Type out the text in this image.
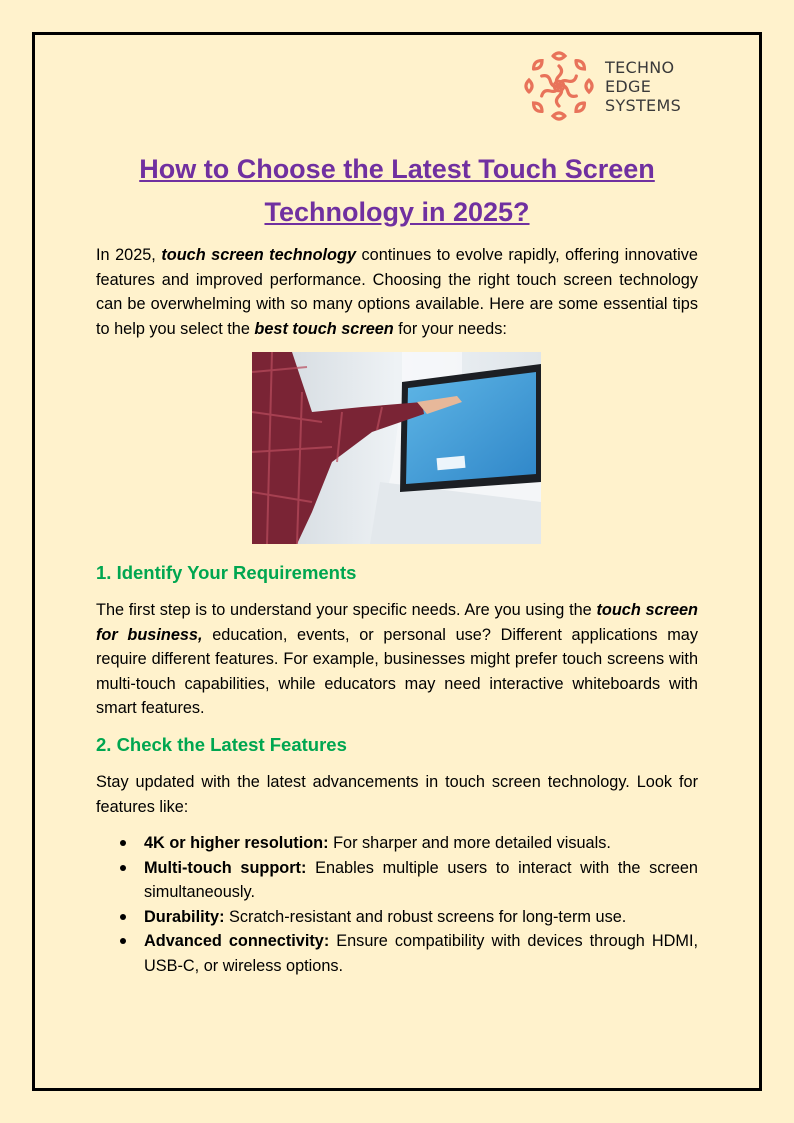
TECHNO
EDGE
SYSTEMS
How to Choose the Latest Touch Screen Technology in 2025?
In 2025, touch screen technology continues to evolve rapidly, offering innovative features and improved performance. Choosing the right touch screen technology can be overwhelming with so many options available. Here are some essential tips to help you select the best touch screen for your needs:
1. Identify Your Requirements
The first step is to understand your specific needs. Are you using the touch screen for business, education, events, or personal use? Different applications may require different features. For example, businesses might prefer touch screens with multi-touch capabilities, while educators may need interactive whiteboards with smart features.
2. Check the Latest Features
Stay updated with the latest advancements in touch screen technology. Look for features like:
4K or higher resolution: For sharper and more detailed visuals.
Multi-touch support: Enables multiple users to interact with the screen simultaneously.
Durability: Scratch-resistant and robust screens for long-term use.
Advanced connectivity: Ensure compatibility with devices through HDMI, USB-C, or wireless options.
